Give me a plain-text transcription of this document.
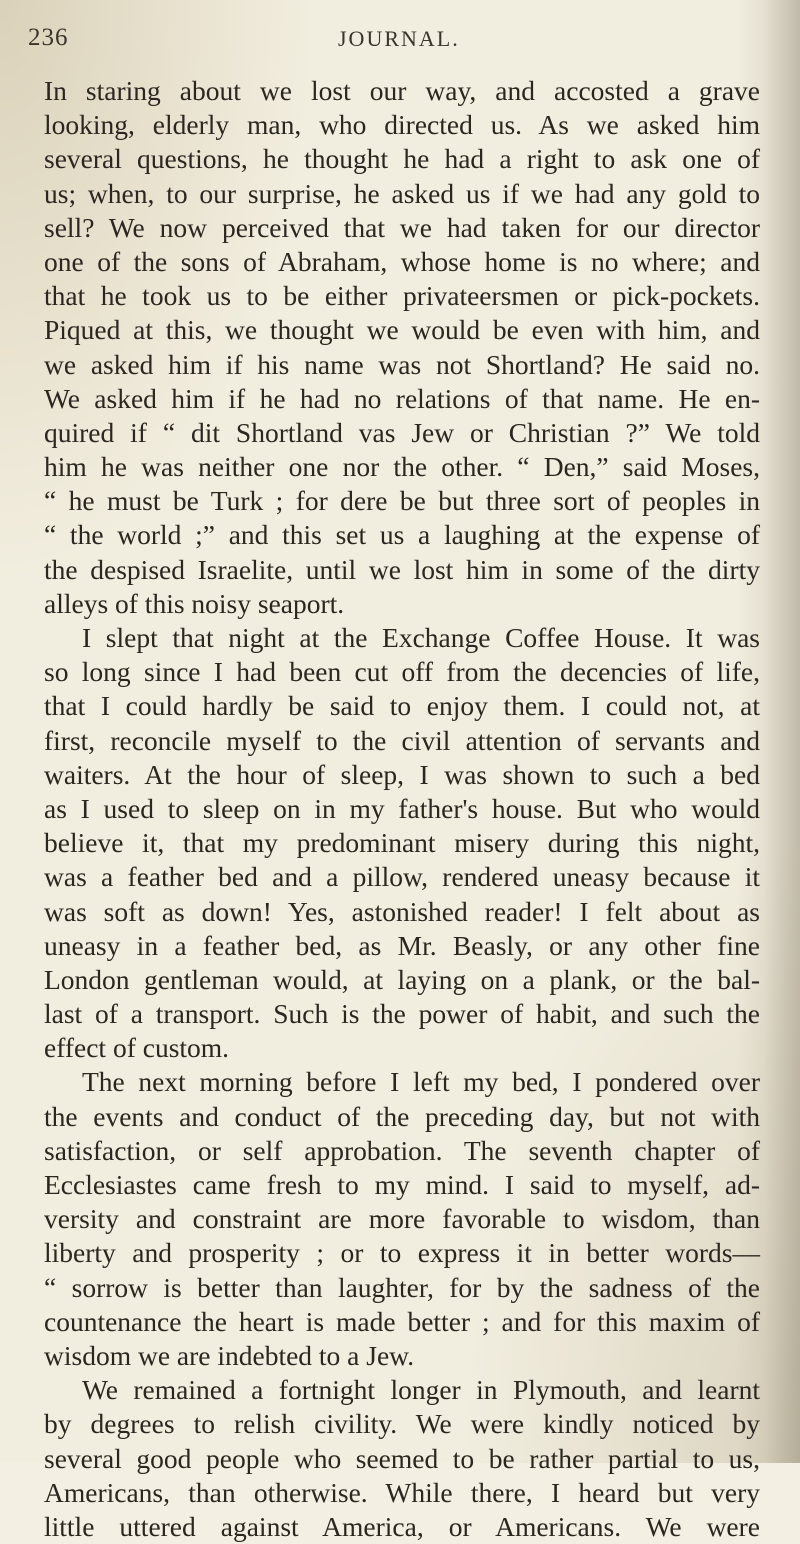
236	JOURNAL.
In staring about we lost our way, and accosted a grave
looking, elderly man, who directed us. As we asked him
several questions, he thought he had a right to ask one of
us; when, to our surprise, he asked us if we had any gold to
sell? We now perceived that we had taken for our director
one of the sons of Abraham, whose home is no where; and
that he took us to be either privateersmen or pick-pockets.
Piqued at this, we thought we would be even with him, and
we asked him if his name was not Shortland? He said no.
We asked him if he had no relations of that name. He en-
quired if “ dit Shortland vas Jew or Christian ?” We told
him he was neither one nor the other. “ Den,” said Moses,
“ he must be Turk ; for dere be but three sort of peoples in
“ the world ;” and this set us a laughing at the expense of
the despised Israelite, until we lost him in some of the dirty
alleys of this noisy seaport.
I slept that night at the Exchange Coffee House. It was
so long since I had been cut off from the decencies of life,
that I could hardly be said to enjoy them. I could not, at
first, reconcile myself to the civil attention of servants and
waiters. At the hour of sleep, I was shown to such a bed
as I used to sleep on in my father's house. But who would
believe it, that my predominant misery during this night,
was a feather bed and a pillow, rendered uneasy because it
was soft as down! Yes, astonished reader! I felt about as
uneasy in a feather bed, as Mr. Beasly, or any other fine
London gentleman would, at laying on a plank, or the bal-
last of a transport. Such is the power of habit, and such the
effect of custom.
The next morning before I left my bed, I pondered over
the events and conduct of the preceding day, but not with
satisfaction, or self approbation. The seventh chapter of
Ecclesiastes came fresh to my mind. I said to myself, ad-
versity and constraint are more favorable to wisdom, than
liberty and prosperity ; or to express it in better words—
“ sorrow is better than laughter, for by the sadness of the
countenance the heart is made better ; and for this maxim of
wisdom we are indebted to a Jew.
We remained a fortnight longer in Plymouth, and learnt
by degrees to relish civility. We were kindly noticed by
several good people who seemed to be rather partial to us,
Americans, than otherwise. While there, I heard but very
little uttered against America, or Americans. We were
